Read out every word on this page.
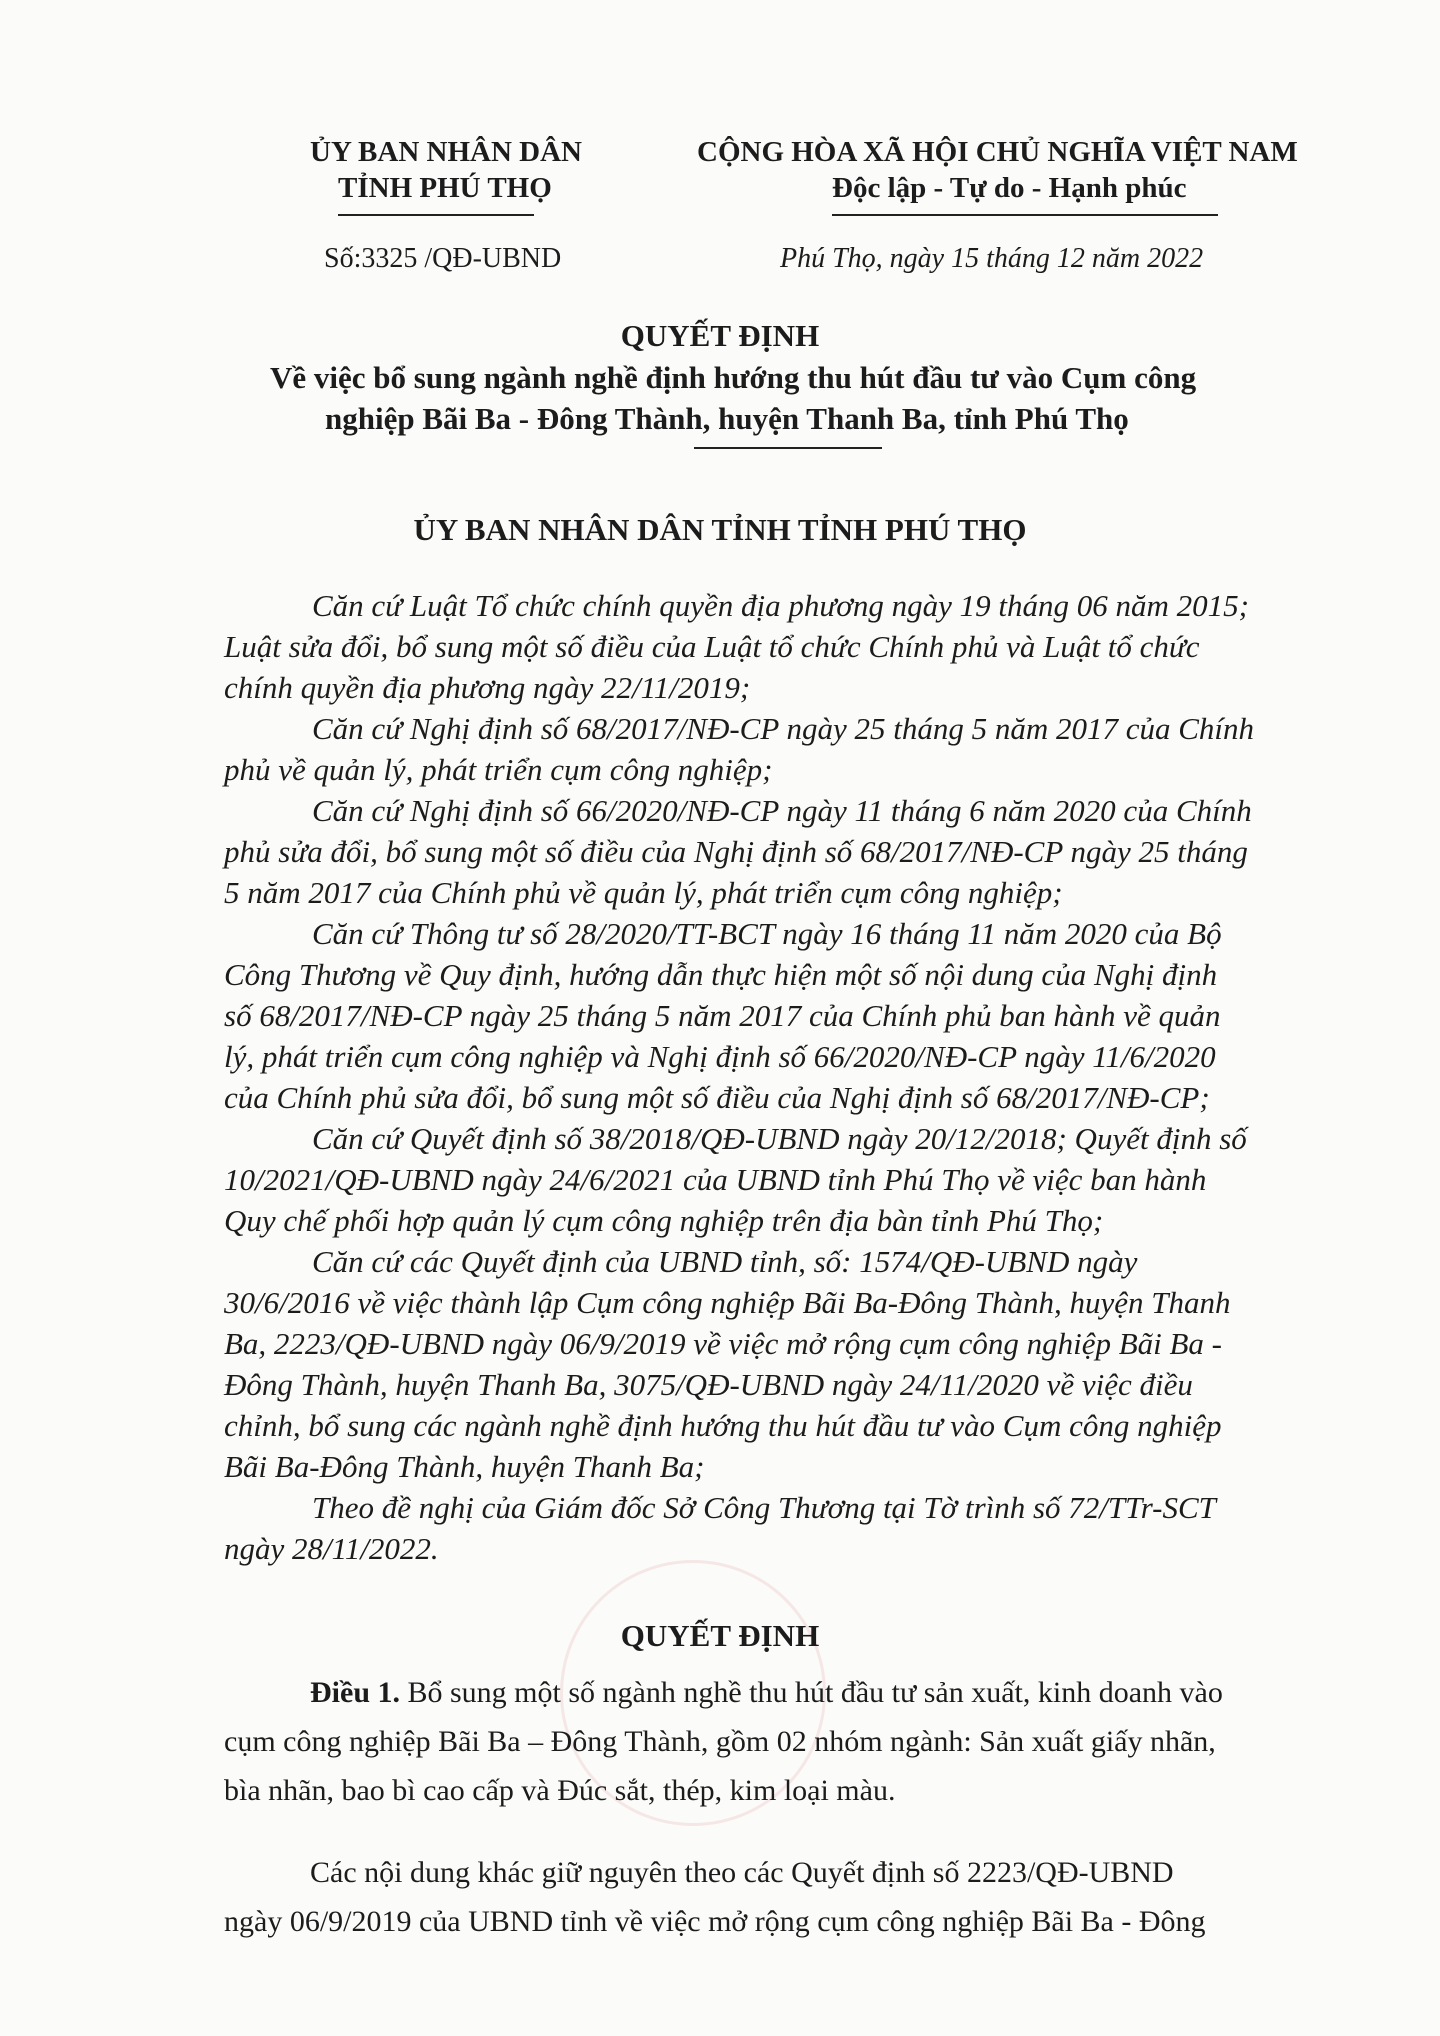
ỦY BAN NHÂN DÂN
TỈNH PHÚ THỌ
CỘNG HÒA XÃ HỘI CHỦ NGHĨA VIỆT NAM
Độc lập - Tự do - Hạnh phúc
Số:3325 /QĐ-UBND	Phú Thọ, ngày 15 tháng 12 năm 2022
QUYẾT ĐỊNH
Về việc bổ sung ngành nghề định hướng thu hút đầu tư vào Cụm công
nghiệp Bãi Ba - Đông Thành, huyện Thanh Ba, tỉnh Phú Thọ
ỦY BAN NHÂN DÂN TỈNH TỈNH PHÚ THỌ
Căn cứ Luật Tổ chức chính quyền địa phương ngày 19 tháng 06 năm 2015;
Luật sửa đổi, bổ sung một số điều của Luật tổ chức Chính phủ và Luật tổ chức
chính quyền địa phương ngày 22/11/2019;
Căn cứ Nghị định số 68/2017/NĐ-CP ngày 25 tháng 5 năm 2017 của Chính
phủ về quản lý, phát triển cụm công nghiệp;
Căn cứ Nghị định số 66/2020/NĐ-CP ngày 11 tháng 6 năm 2020 của Chính
phủ sửa đổi, bổ sung một số điều của Nghị định số 68/2017/NĐ-CP ngày 25 tháng
5 năm 2017 của Chính phủ về quản lý, phát triển cụm công nghiệp;
Căn cứ Thông tư số 28/2020/TT-BCT ngày 16 tháng 11 năm 2020 của Bộ
Công Thương về Quy định, hướng dẫn thực hiện một số nội dung của Nghị định
số 68/2017/NĐ-CP ngày 25 tháng 5 năm 2017 của Chính phủ ban hành về quản
lý, phát triển cụm công nghiệp và Nghị định số 66/2020/NĐ-CP ngày 11/6/2020
của Chính phủ sửa đổi, bổ sung một số điều của Nghị định số 68/2017/NĐ-CP;
Căn cứ Quyết định số 38/2018/QĐ-UBND ngày 20/12/2018; Quyết định số
10/2021/QĐ-UBND ngày 24/6/2021 của UBND tỉnh Phú Thọ về việc ban hành
Quy chế phối hợp quản lý cụm công nghiệp trên địa bàn tỉnh Phú Thọ;
Căn cứ các Quyết định của UBND tỉnh, số: 1574/QĐ-UBND ngày
30/6/2016 về việc thành lập Cụm công nghiệp Bãi Ba-Đông Thành, huyện Thanh
Ba, 2223/QĐ-UBND ngày 06/9/2019 về việc mở rộng cụm công nghiệp Bãi Ba -
Đông Thành, huyện Thanh Ba, 3075/QĐ-UBND ngày 24/11/2020 về việc điều
chỉnh, bổ sung các ngành nghề định hướng thu hút đầu tư vào Cụm công nghiệp
Bãi Ba-Đông Thành, huyện Thanh Ba;
Theo đề nghị của Giám đốc Sở Công Thương tại Tờ trình số 72/TTr-SCT
ngày 28/11/2022.
QUYẾT ĐỊNH
Điều 1. Bổ sung một số ngành nghề thu hút đầu tư sản xuất, kinh doanh vào
cụm công nghiệp Bãi Ba – Đông Thành, gồm 02 nhóm ngành: Sản xuất giấy nhãn,
bìa nhãn, bao bì cao cấp và Đúc sắt, thép, kim loại màu.
Các nội dung khác giữ nguyên theo các Quyết định số 2223/QĐ-UBND
ngày 06/9/2019 của UBND tỉnh về việc mở rộng cụm công nghiệp Bãi Ba - Đông
